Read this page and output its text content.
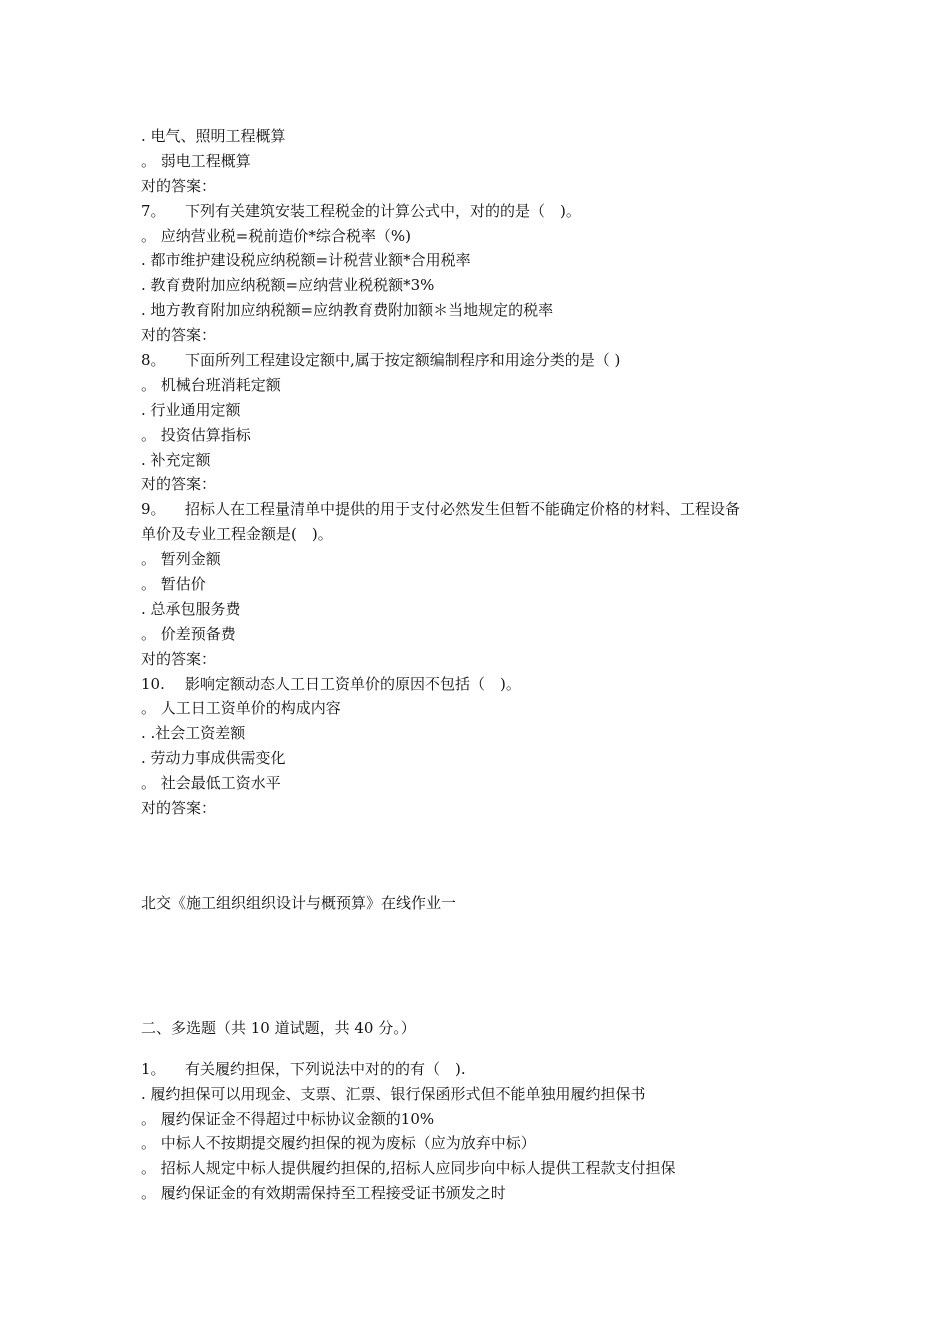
. 电气、照明工程概算
。 弱电工程概算
对的答案：
7。 下列有关建筑安装工程税金的计算公式中，对的的是（　)。
。 应纳营业税=税前造价*综合税率（%)
. 都市维护建设税应纳税额=计税营业额*合用税率
. 教育费附加应纳税额=应纳营业税税额*3%
. 地方教育附加应纳税额=应纳教育费附加额＊当地规定的税率
对的答案：
8。 下面所列工程建设定额中,属于按定额编制程序和用途分类的是（ )
。 机械台班消耗定额
. 行业通用定额
。 投资估算指标
. 补充定额
对的答案：
9。 招标人在工程量清单中提供的用于支付必然发生但暂不能确定价格的材料、工程设备
单价及专业工程金额是(　)。
。 暂列金额
。 暂估价
. 总承包服务费
。 价差预备费
对的答案：
10. 影响定额动态人工日工资单价的原因不包括（　)。
。 人工日工资单价的构成内容
. .社会工资差额
. 劳动力事成供需变化
。 社会最低工资水平
对的答案：
北交《施工组织组织设计与概预算》在线作业一
二、多选题（共 10 道试题，共 40 分。）
1。 有关履约担保，下列说法中对的的有（　).
. 履约担保可以用现金、支票、汇票、银行保函形式但不能单独用履约担保书
。 履约保证金不得超过中标协议金额的10%
。 中标人不按期提交履约担保的视为废标（应为放弃中标）
。 招标人规定中标人提供履约担保的,招标人应同步向中标人提供工程款支付担保
。 履约保证金的有效期需保持至工程接受证书颁发之时
